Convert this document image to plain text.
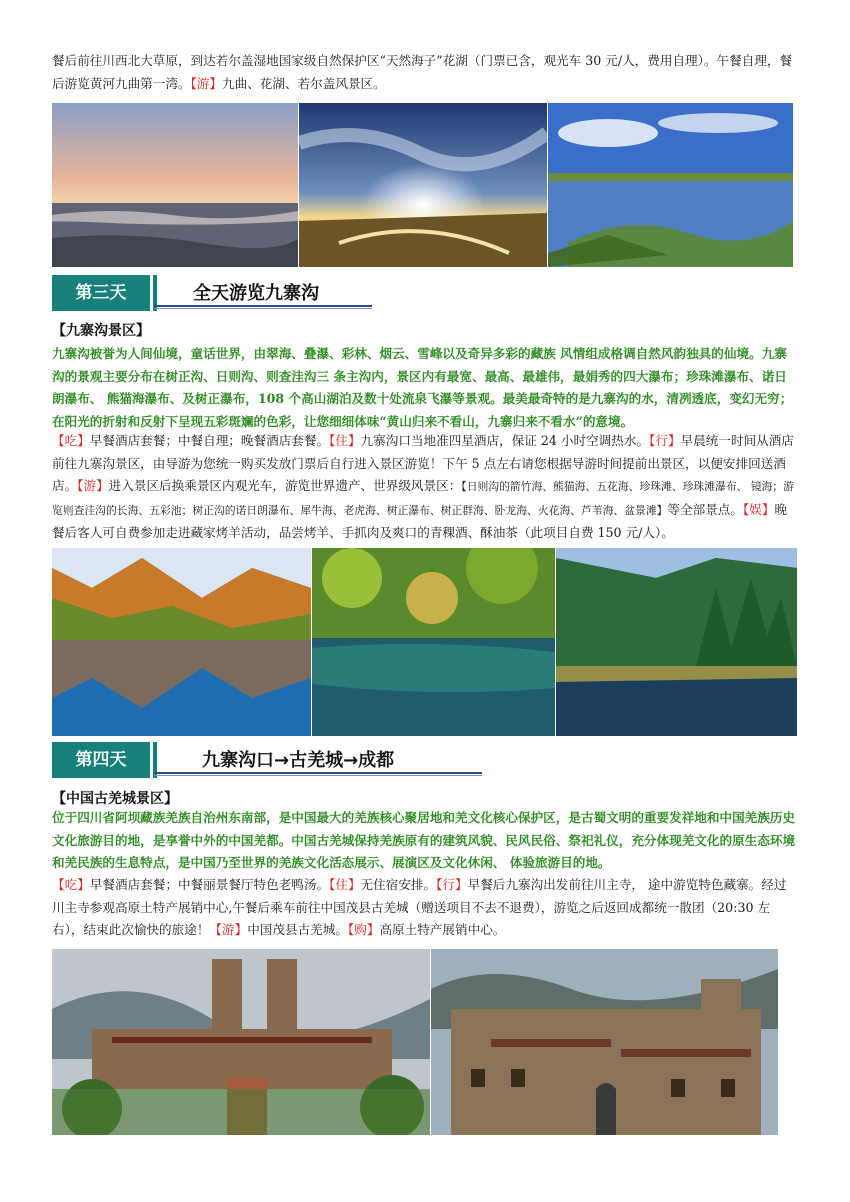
餐后前往川西北大草原，到达若尔盖湿地国家级自然保护区“天然海子”花湖（门票已含，观光车 30 元/人，费用自理）。午餐自理，餐后游览黄河九曲第一湾。【游】九曲、花湖、若尔盖风景区。

第三天	全天游览九寨沟
【九寨沟景区】

九寨沟被誉为人间仙境，童话世界，由翠海、叠瀑、彩林、烟云、雪峰以及奇异多彩的藏族 风情组成格调自然风韵独具的仙境。九寨沟的景观主要分布在树正沟、日则沟、则查洼沟三 条主沟内，景区内有最宽、最高、最雄伟，最娟秀的四大瀑布；珍珠滩瀑布、诺日朗瀑布、 熊猫海瀑布、及树正瀑布，108 个高山湖泊及数十处流泉飞瀑等景观。最美最奇特的是九寨沟的水，清冽透底，变幻无穷；在阳光的折射和反射下呈现五彩斑斓的色彩，让您细细体味“黄山归来不看山，九寨归来不看水”的意境。

【吃】早餐酒店套餐；中餐自理；晚餐酒店套餐。【住】九寨沟口当地准四星酒店，保证 24 小时空调热水。【行】早晨统一时间从酒店前往九寨沟景区，由导游为您统一购买发放门票后自行进入景区游览！下午 5 点左右请您根据导游时间提前出景区，以便安排回送酒店。【游】进入景区后换乘景区内观光车，游览世界遗产、世界级风景区：【日则沟的箭竹海、熊猫海、五花海、珍珠滩、珍珠滩瀑布、 镜海；游览则查洼沟的长海、五彩池；树正沟的诺日朗瀑布、犀牛海、老虎海、树正瀑布、树正群海、卧龙海、火花海、芦苇海、盆景滩】等全部景点。【娱】晚餐后客人可自费参加走进藏家烤羊活动，品尝烤羊、手抓肉及爽口的青稞酒、酥油茶（此项目自费 150 元/人）。

第四天	九寨沟口→古羌城→成都
【中国古羌城景区】

位于四川省阿坝藏族羌族自治州东南部，是中国最大的羌族核心聚居地和羌文化核心保护区，是古蜀文明的重要发祥地和中国羌族历史文化旅游目的地，是享誉中外的中国羌都。中国古羌城保持羌族原有的建筑风貌、民风民俗、祭祀礼仪，充分体现羌文化的原生态环境和羌民族的生息特点，是中国乃至世界的羌族文化活态展示、展演区及文化休闲、 体验旅游目的地。

【吃】早餐酒店套餐；中餐丽景餐厅特色老鸭汤。【住】无住宿安排。【行】早餐后九寨沟出发前往川主寺， 途中游览特色藏寨。经过川主寺参观高原土特产展销中心,午餐后乘车前往中国茂县古羌城（赠送项目不去不退费），游览之后返回成都统一散团（20:30 左右），结束此次愉快的旅途！【游】中国茂县古羌城。【购】高原土特产展销中心。
